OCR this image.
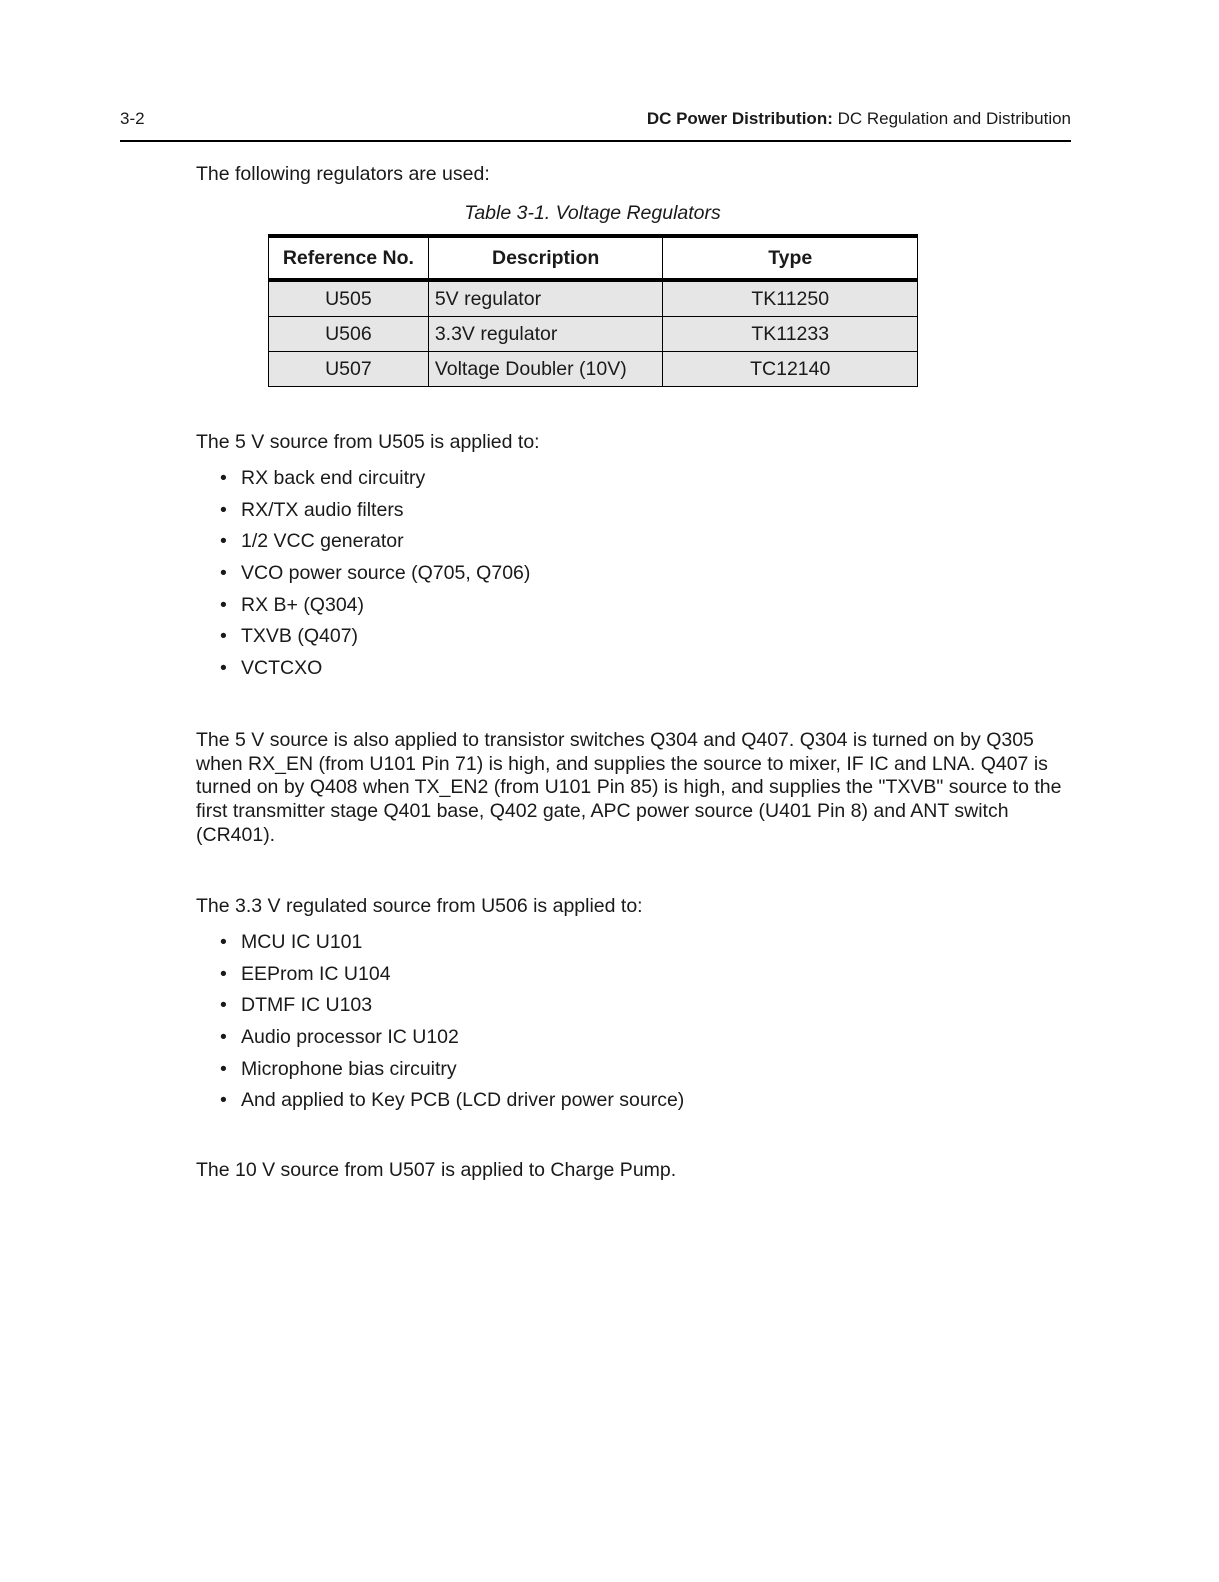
3-2	DC Power Distribution: DC Regulation and Distribution
The following regulators are used:
Table 3-1. Voltage Regulators
Reference No.	Description	Type
U505	5V regulator	TK11250
U506	3.3V regulator	TK11233
U507	Voltage Doubler (10V)	TC12140
The 5 V source from U505 is applied to:
• RX back end circuitry
• RX/TX audio filters
• 1/2 VCC generator
• VCO power source (Q705, Q706)
• RX B+ (Q304)
• TXVB (Q407)
• VCTCXO
The 5 V source is also applied to transistor switches Q304 and Q407. Q304 is turned on by Q305 when RX_EN (from U101 Pin 71) is high, and supplies the source to mixer, IF IC and LNA. Q407 is turned on by Q408 when TX_EN2 (from U101 Pin 85) is high, and supplies the "TXVB" source to the first transmitter stage Q401 base, Q402 gate, APC power source (U401 Pin 8) and ANT switch (CR401).
The 3.3 V regulated source from U506 is applied to:
• MCU IC U101
• EEProm IC U104
• DTMF IC U103
• Audio processor IC U102
• Microphone bias circuitry
• And applied to Key PCB (LCD driver power source)
The 10 V source from U507 is applied to Charge Pump.
